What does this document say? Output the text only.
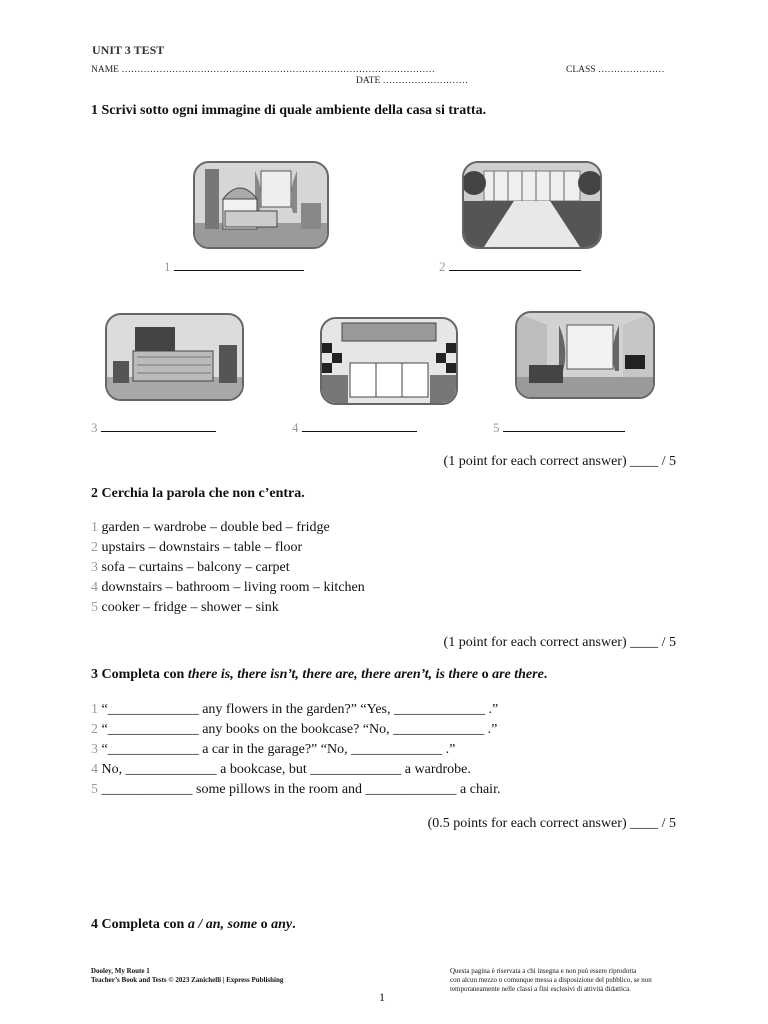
UNIT 3 TEST
NAME ………………………………………………………………………………………	CLASS …………………
DATE ………………………
1 Scrivi sotto ogni immagine di quale ambiente della casa si tratta.
1	2
3	4	5
(1 point for each correct answer) ____ / 5
2 Cerchia la parola che non c’entra.
1 garden – wardrobe – double bed – fridge
2 upstairs – downstairs – table – floor
3 sofa – curtains – balcony – carpet
4 downstairs – bathroom – living room – kitchen
5 cooker – fridge – shower – sink
(1 point for each correct answer) ____ / 5
3 Completa con there is, there isn’t, there are, there aren’t, is there o are there.
1 “_____________ any flowers in the garden?” “Yes, _____________ .”
2 “_____________ any books on the bookcase? “No, _____________ .”
3 “_____________ a car in the garage?” “No, _____________ .”
4 No, _____________ a bookcase, but _____________ a wardrobe.
5 _____________ some pillows in the room and _____________ a chair.
(0.5 points for each correct answer) ____ / 5
4 Completa con a / an, some o any.
Dooley, My Route 1
Teacher’s Book and Tests © 2023 Zanichelli | Express Publishing
Questa pagina è riservata a chi insegna e non può essere riprodotta
con alcun mezzo o comunque messa a disposizione del pubblico, se non
temporaneamente nelle classi a fini esclusivi di attività didattica.
1
